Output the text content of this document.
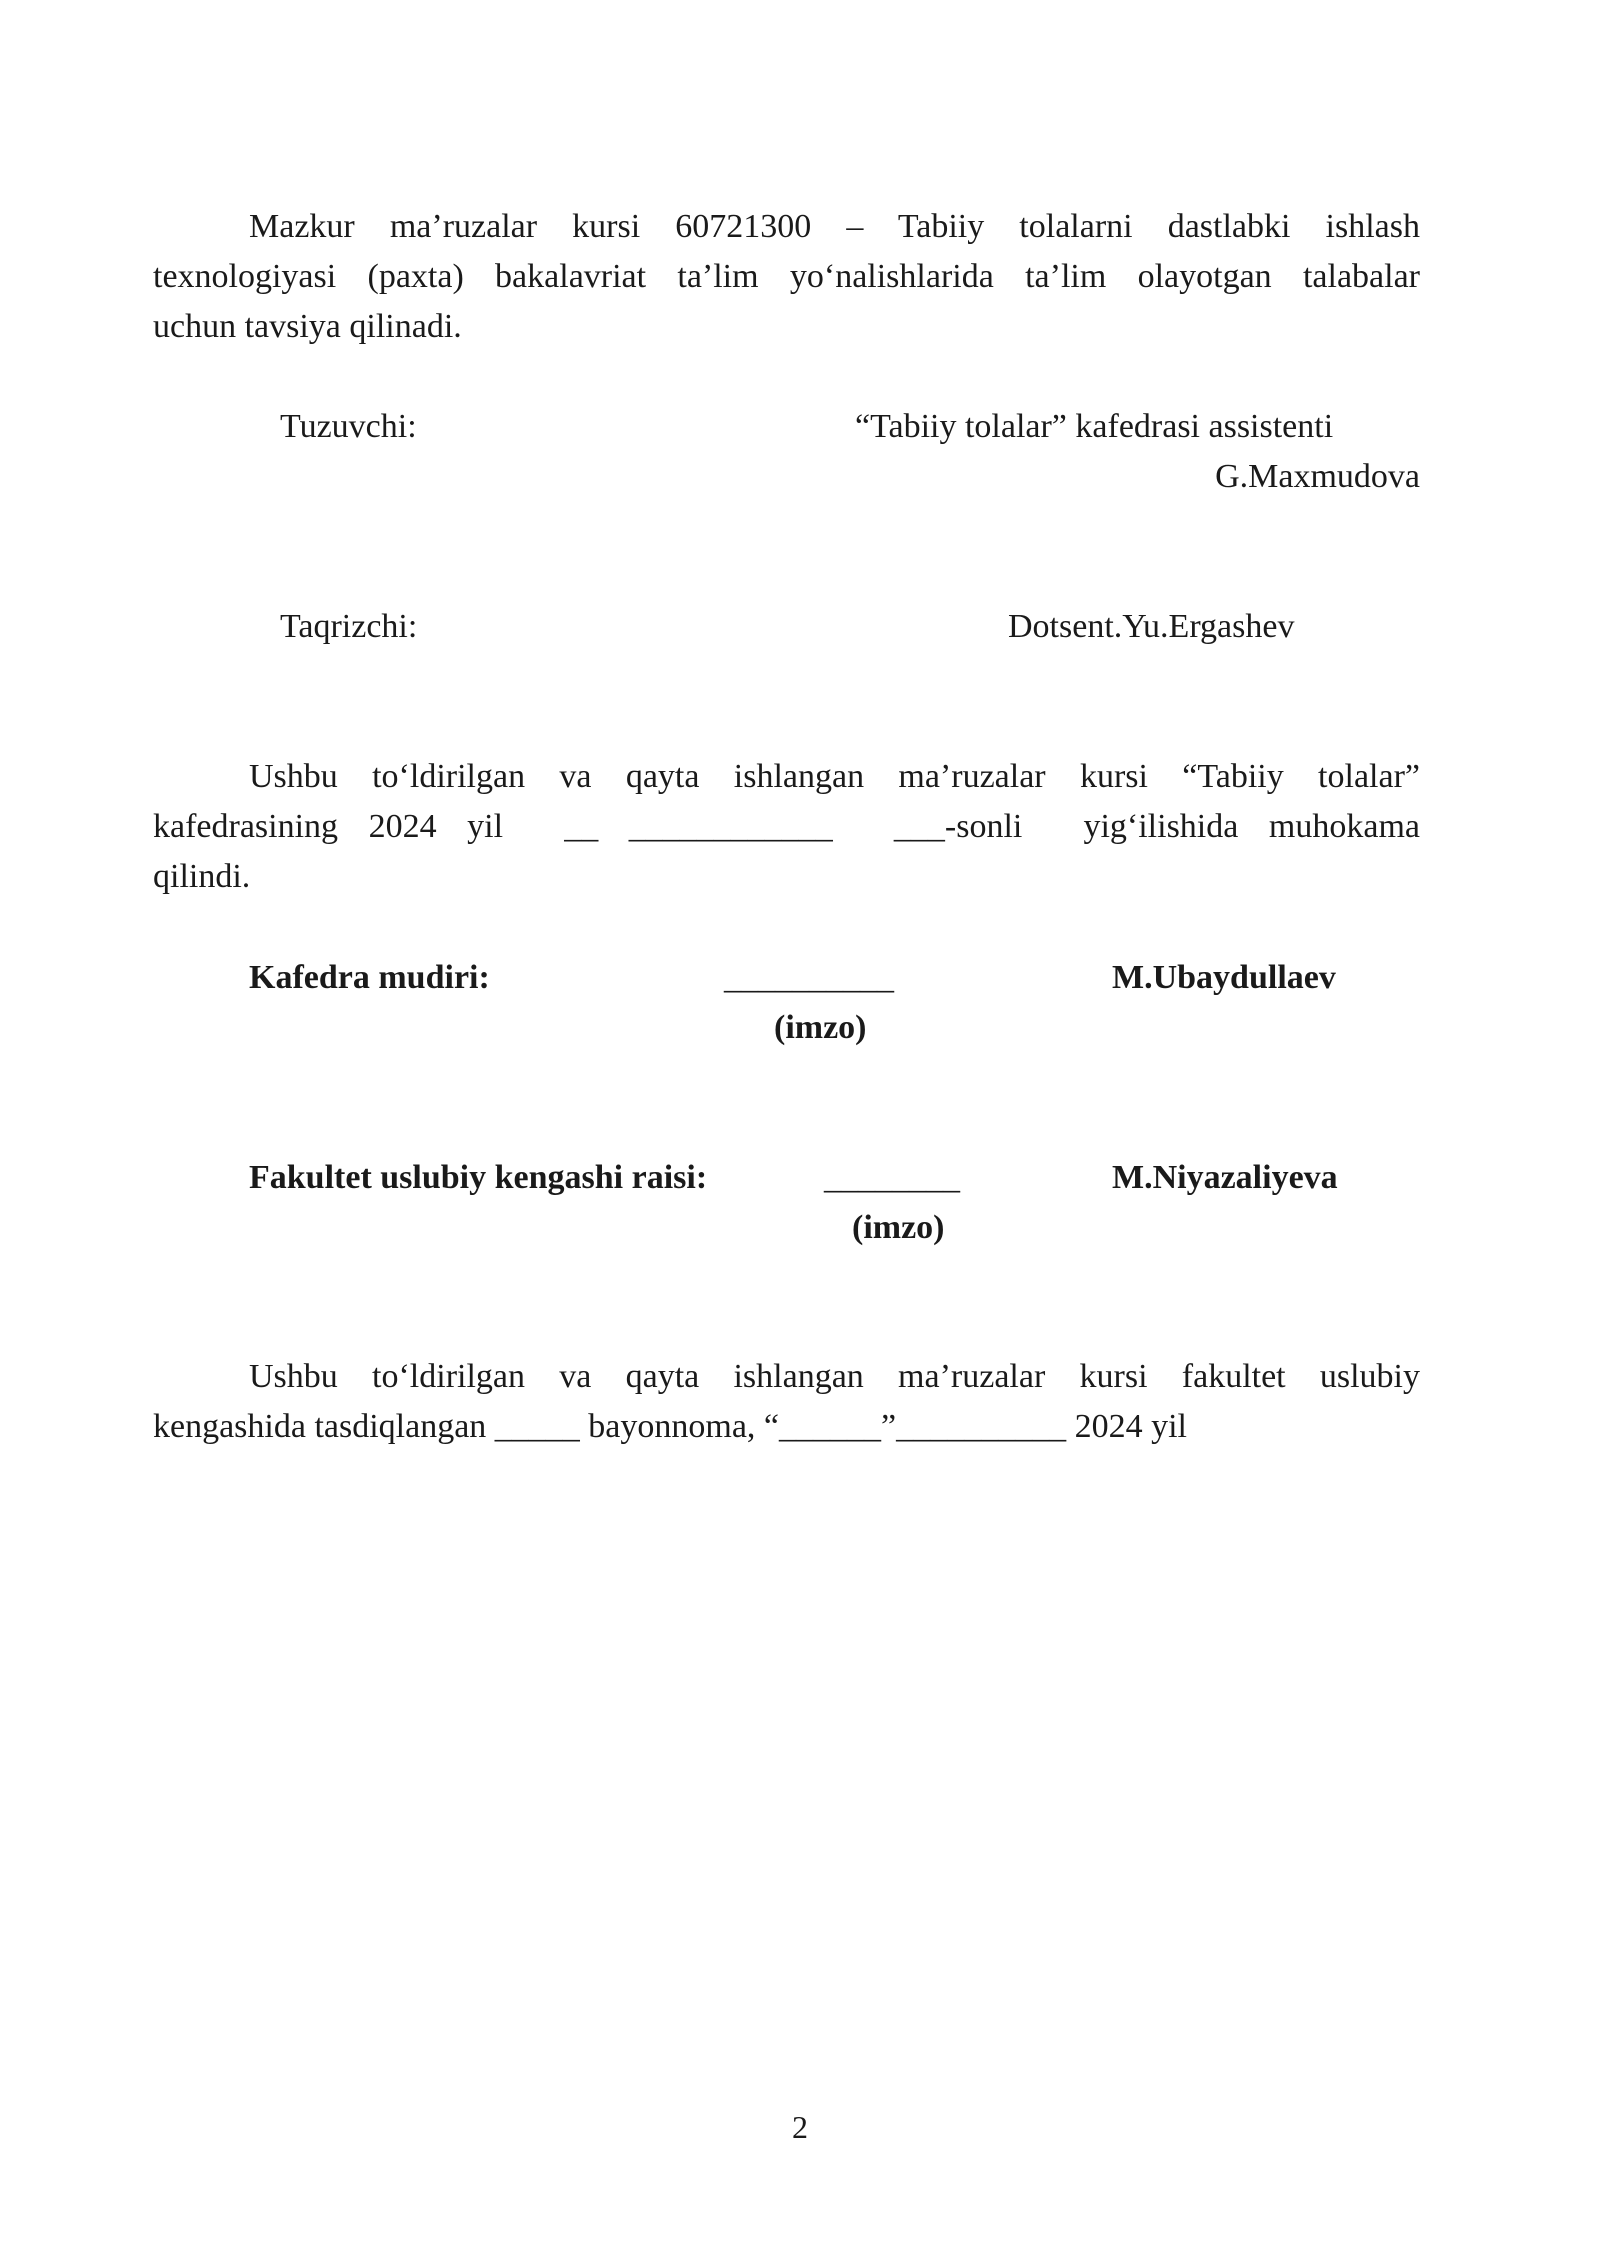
Mazkur ma’ruzalar kursi 60721300 – Tabiiy tolalarni dastlabki ishlash
texnologiyasi (paxta) bakalavriat ta’lim yo‘nalishlarida ta’lim olayotgan talabalar
uchun tavsiya qilinadi.
Tuzuvchi:	“Tabiiy tolalar” kafedrasi assistenti
G.Maxmudova
Taqrizchi:	Dotsent.Yu.Ergashev
Ushbu to‘ldirilgan va qayta ishlangan ma’ruzalar kursi “Tabiiy tolalar”
kafedrasining 2024 yil  __ ____________  ___-sonli  yig‘ilishida muhokama
qilindi.
Kafedra mudiri:	__________	M.Ubaydullaev
(imzo)
Fakultet uslubiy kengashi raisi:	________	M.Niyazaliyeva
(imzo)
Ushbu to‘ldirilgan va qayta ishlangan ma’ruzalar kursi fakultet uslubiy
kengashida tasdiqlangan _____ bayonnoma, “______”__________ 2024 yil
2
